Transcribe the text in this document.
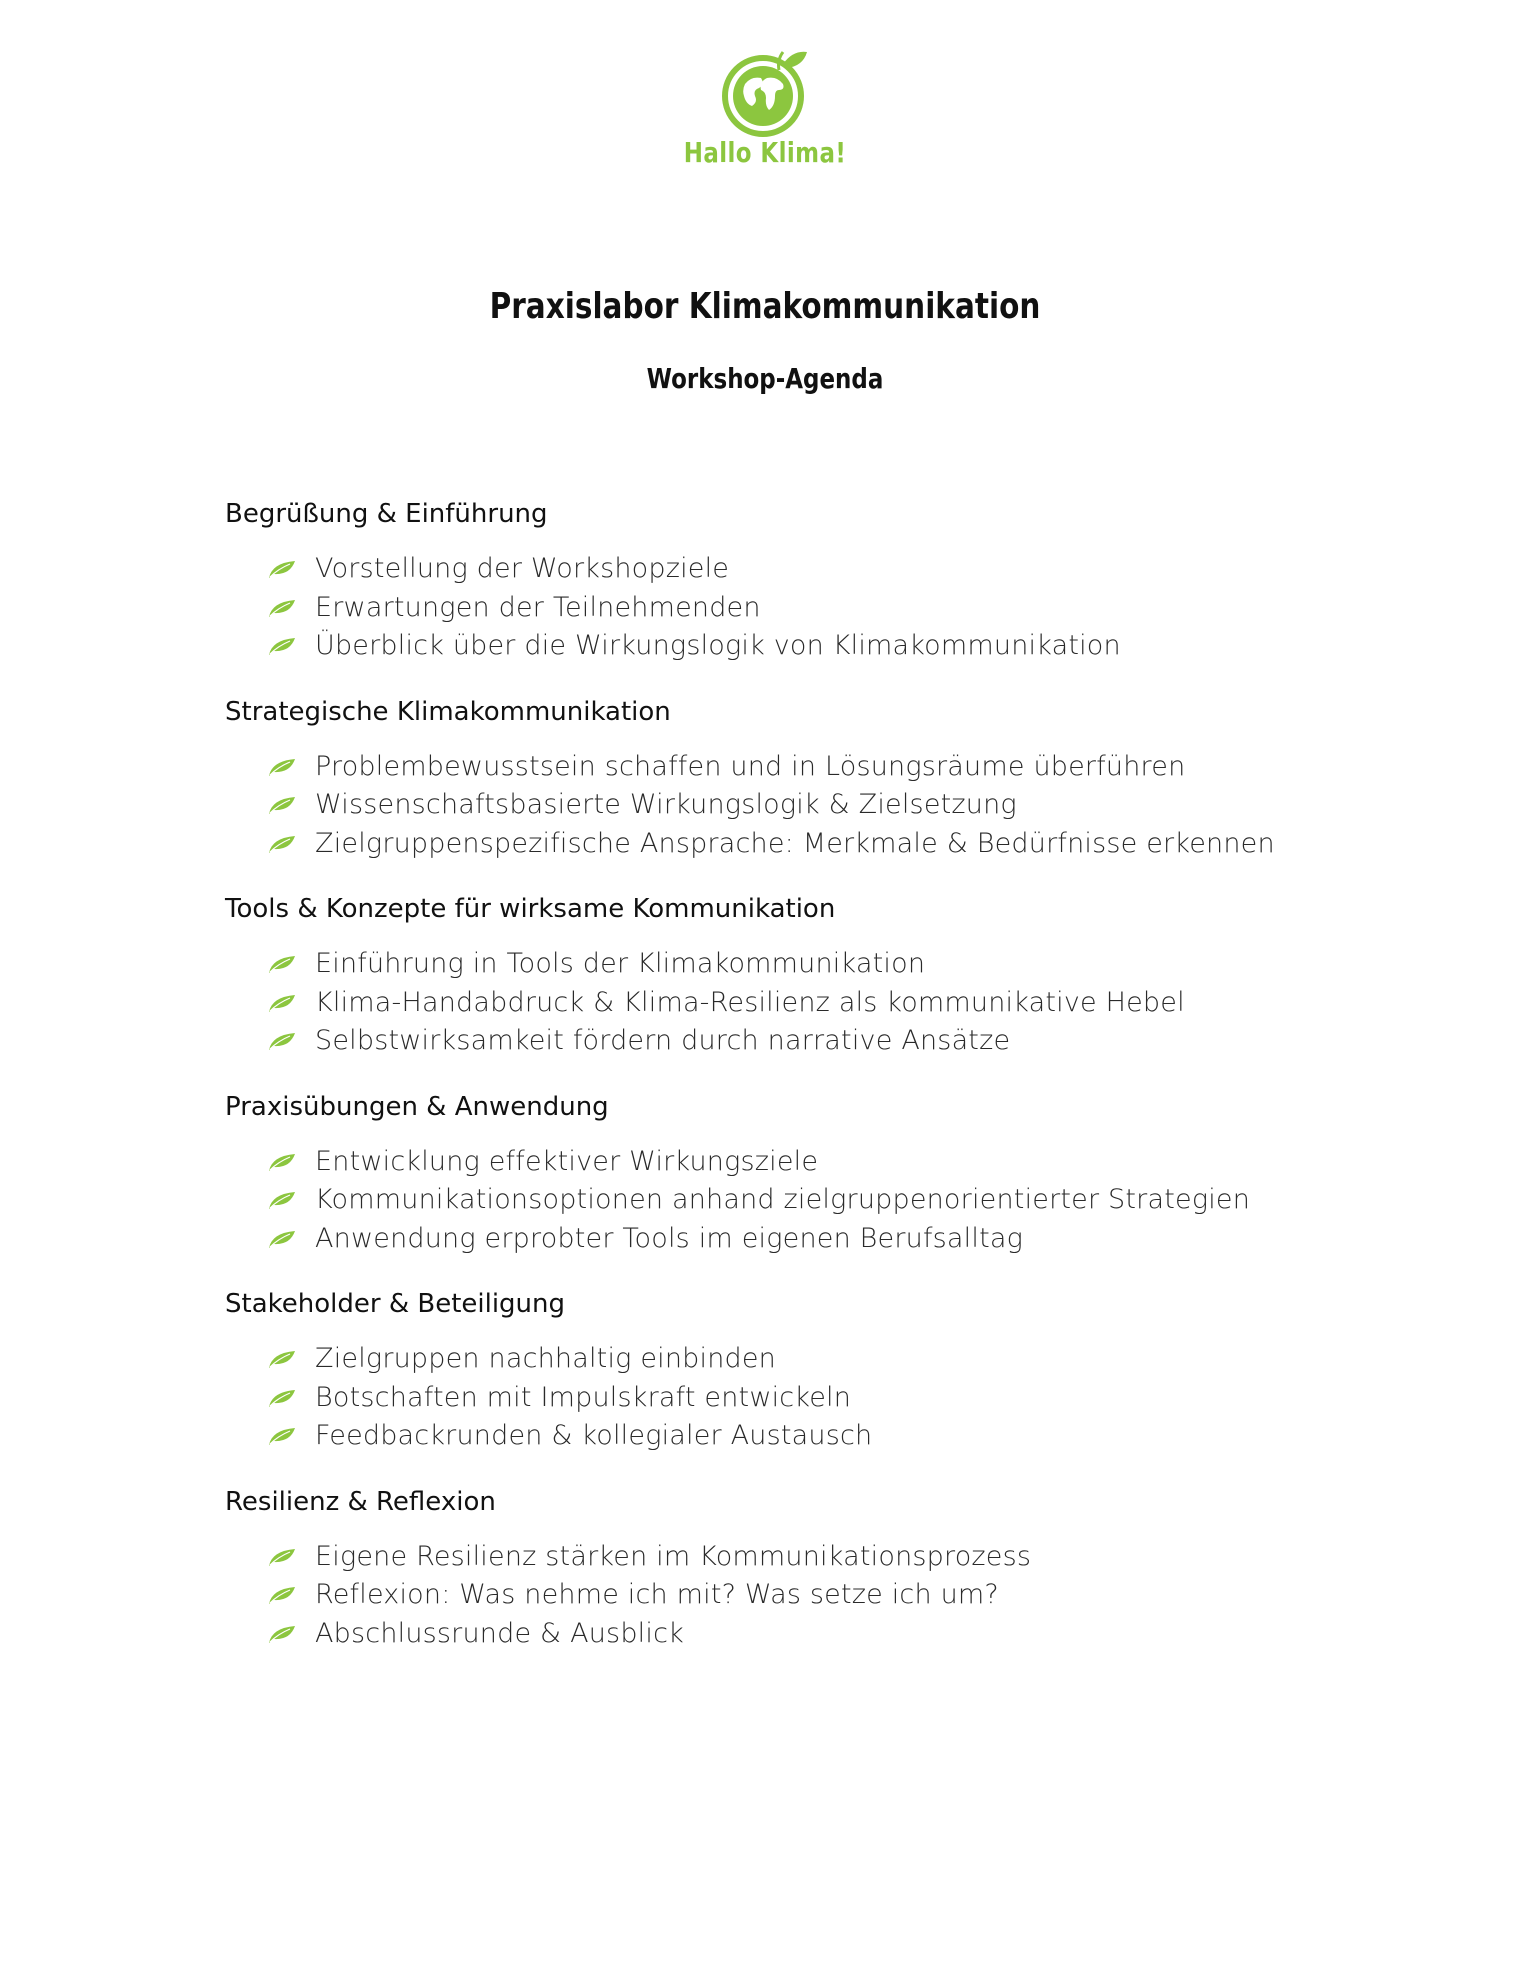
Hallo Klima!
Praxislabor Klimakommunikation
Workshop-Agenda
Begrüßung & Einführung
Vorstellung der Workshopziele
Erwartungen der Teilnehmenden
Überblick über die Wirkungslogik von Klimakommunikation
Strategische Klimakommunikation
Problembewusstsein schaffen und in Lösungsräume überführen
Wissenschaftsbasierte Wirkungslogik & Zielsetzung
Zielgruppenspezifische Ansprache: Merkmale & Bedürfnisse erkennen
Tools & Konzepte für wirksame Kommunikation
Einführung in Tools der Klimakommunikation
Klima-Handabdruck & Klima-Resilienz als kommunikative Hebel
Selbstwirksamkeit fördern durch narrative Ansätze
Praxisübungen & Anwendung
Entwicklung effektiver Wirkungsziele
Kommunikationsoptionen anhand zielgruppenorientierter Strategien
Anwendung erprobter Tools im eigenen Berufsalltag
Stakeholder & Beteiligung
Zielgruppen nachhaltig einbinden
Botschaften mit Impulskraft entwickeln
Feedbackrunden & kollegialer Austausch
Resilienz & Reflexion
Eigene Resilienz stärken im Kommunikationsprozess
Reflexion: Was nehme ich mit? Was setze ich um?
Abschlussrunde & Ausblick
